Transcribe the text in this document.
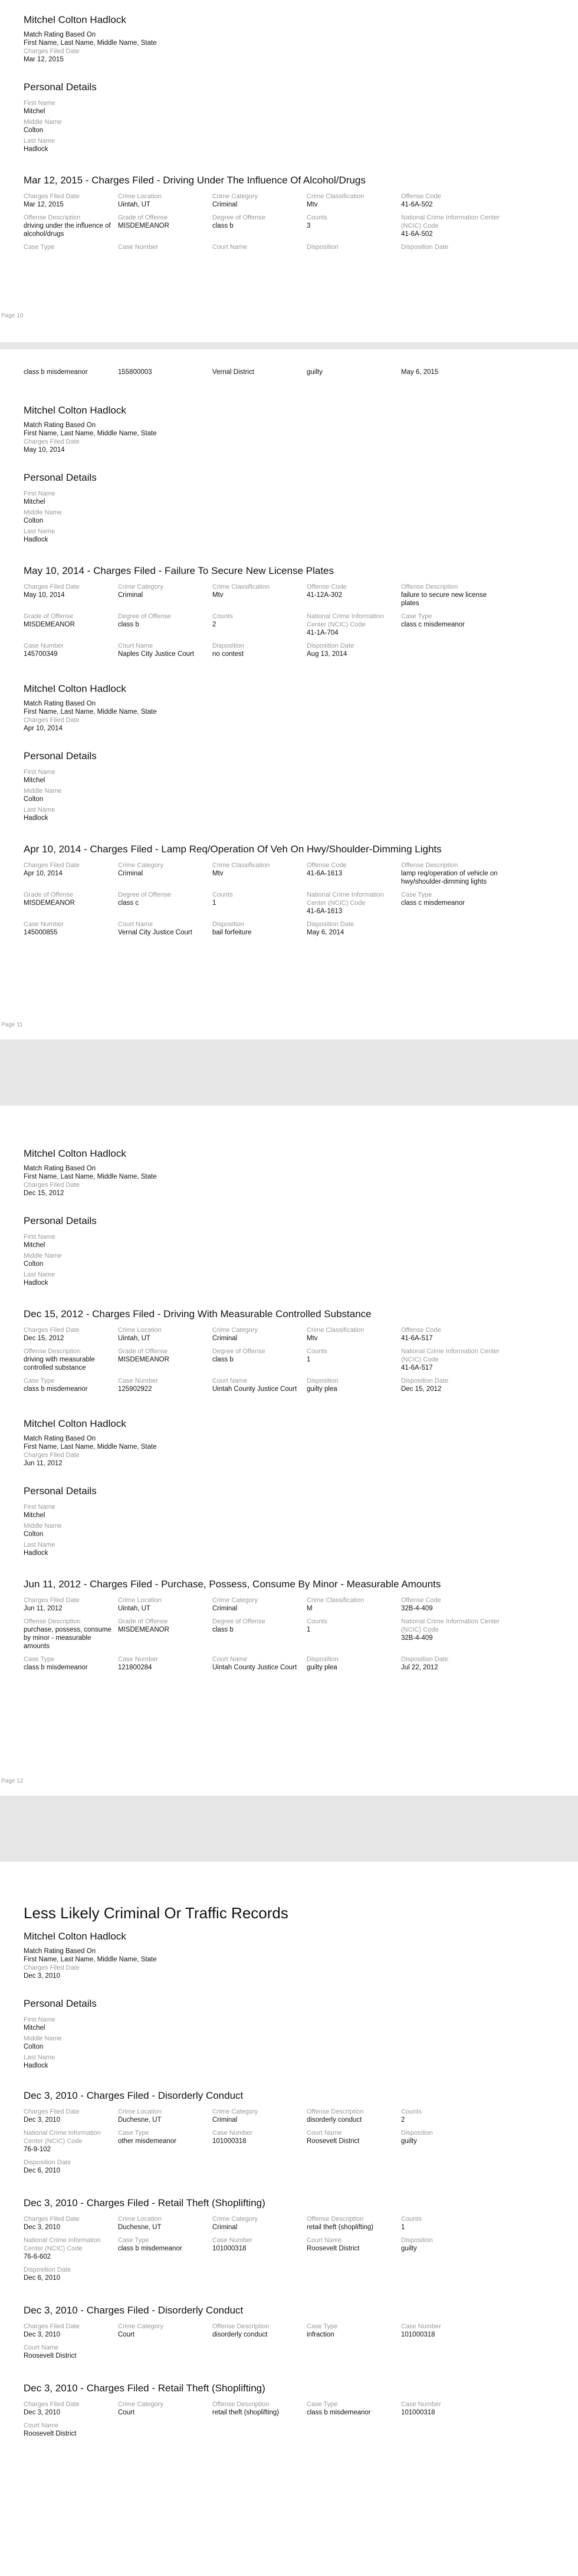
Mitchel Colton Hadlock
Match Rating Based On
First Name, Last Name, Middle Name, State
Charges Filed Date
Mar 12, 2015
Personal Details
First Name
Mitchel
Middle Name
Colton
Last Name
Hadlock
Mar 12, 2015 - Charges Filed - Driving Under The Influence Of Alcohol/Drugs
Charges Filed Date
Mar 12, 2015
Crime Location
Uintah, UT
Crime Category
Criminal
Crime Classification
Mtv
Offense Code
41-6A-502
Offense Description
driving under the influence of alcohol/drugs
Grade of Offense
MISDEMEANOR
Degree of Offense
class b
Counts
3
National Crime Information Center (NCIC) Code
41-6A-502
Case Type	Case Number	Court Name	Disposition	Disposition Date
Page 10
class b misdemeanor	155800003	Vernal District	guilty	May 6, 2015
Mitchel Colton Hadlock
Match Rating Based On
First Name, Last Name, Middle Name, State
Charges Filed Date
May 10, 2014
Personal Details
First Name
Mitchel
Middle Name
Colton
Last Name
Hadlock
May 10, 2014 - Charges Filed - Failure To Secure New License Plates
Charges Filed Date
May 10, 2014
Crime Category
Criminal
Crime Classification
Mtv
Offense Code
41-12A-302
Offense Description
failure to secure new license plates
Grade of Offense
MISDEMEANOR
Degree of Offense
class b
Counts
2
National Crime Information Center (NCIC) Code
41-1A-704
Case Type
class c misdemeanor
Case Number
145700349
Court Name
Naples City Justice Court
Disposition
no contest
Disposition Date
Aug 13, 2014
Mitchel Colton Hadlock
Match Rating Based On
First Name, Last Name, Middle Name, State
Charges Filed Date
Apr 10, 2014
Personal Details
First Name
Mitchel
Middle Name
Colton
Last Name
Hadlock
Apr 10, 2014 - Charges Filed - Lamp Req/Operation Of Veh On Hwy/Shoulder-Dimming Lights
Charges Filed Date
Apr 10, 2014
Crime Category
Criminal
Crime Classification
Mtv
Offense Code
41-6A-1613
Offense Description
lamp req/operation of vehicle on hwy/shoulder-dimming lights
Grade of Offense
MISDEMEANOR
Degree of Offense
class c
Counts
1
National Crime Information Center (NCIC) Code
41-6A-1613
Case Type
class c misdemeanor
Case Number
145000855
Court Name
Vernal City Justice Court
Disposition
bail forfeiture
Disposition Date
May 6, 2014
Page 11
Mitchel Colton Hadlock
Match Rating Based On
First Name, Last Name, Middle Name, State
Charges Filed Date
Dec 15, 2012
Personal Details
First Name
Mitchel
Middle Name
Colton
Last Name
Hadlock
Dec 15, 2012 - Charges Filed - Driving With Measurable Controlled Substance
Charges Filed Date
Dec 15, 2012
Crime Location
Uintah, UT
Crime Category
Criminal
Crime Classification
Mtv
Offense Code
41-6A-517
Offense Description
driving with measurable controlled substance
Grade of Offense
MISDEMEANOR
Degree of Offense
class b
Counts
1
National Crime Information Center (NCIC) Code
41-6A-517
Case Type
class b misdemeanor
Case Number
125902922
Court Name
Uintah County Justice Court
Disposition
guilty plea
Disposition Date
Dec 15, 2012
Mitchel Colton Hadlock
Match Rating Based On
First Name, Last Name, Middle Name, State
Charges Filed Date
Jun 11, 2012
Personal Details
First Name
Mitchel
Middle Name
Colton
Last Name
Hadlock
Jun 11, 2012 - Charges Filed - Purchase, Possess, Consume By Minor - Measurable Amounts
Charges Filed Date
Jun 11, 2012
Crime Location
Uintah, UT
Crime Category
Criminal
Crime Classification
M
Offense Code
32B-4-409
Offense Description
purchase, possess, consume by minor - measurable amounts
Grade of Offense
MISDEMEANOR
Degree of Offense
class b
Counts
1
National Crime Information Center (NCIC) Code
32B-4-409
Case Type
class b misdemeanor
Case Number
121800284
Court Name
Uintah County Justice Court
Disposition
guilty plea
Disposition Date
Jul 22, 2012
Page 12
Less Likely Criminal Or Traffic Records
Mitchel Colton Hadlock
Match Rating Based On
First Name, Last Name, Middle Name, State
Charges Filed Date
Dec 3, 2010
Personal Details
First Name
Mitchel
Middle Name
Colton
Last Name
Hadlock
Dec 3, 2010 - Charges Filed - Disorderly Conduct
Charges Filed Date
Dec 3, 2010
Crime Location
Duchesne, UT
Crime Category
Criminal
Offense Description
disorderly conduct
Counts
2
National Crime Information Center (NCIC) Code
76-9-102
Case Type
other misdemeanor
Case Number
101000318
Court Name
Roosevelt District
Disposition
guilty
Disposition Date
Dec 6, 2010
Dec 3, 2010 - Charges Filed - Retail Theft (Shoplifting)
Charges Filed Date
Dec 3, 2010
Crime Location
Duchesne, UT
Crime Category
Criminal
Offense Description
retail theft (shoplifting)
Counts
1
National Crime Information Center (NCIC) Code
76-6-602
Case Type
class b misdemeanor
Case Number
101000318
Court Name
Roosevelt District
Disposition
guilty
Disposition Date
Dec 6, 2010
Dec 3, 2010 - Charges Filed - Disorderly Conduct
Charges Filed Date
Dec 3, 2010
Crime Category
Court
Offense Description
disorderly conduct
Case Type
infraction
Case Number
101000318
Court Name
Roosevelt District
Dec 3, 2010 - Charges Filed - Retail Theft (Shoplifting)
Charges Filed Date
Dec 3, 2010
Crime Category
Court
Offense Description
retail theft (shoplifting)
Case Type
class b misdemeanor
Case Number
101000318
Court Name
Roosevelt District
